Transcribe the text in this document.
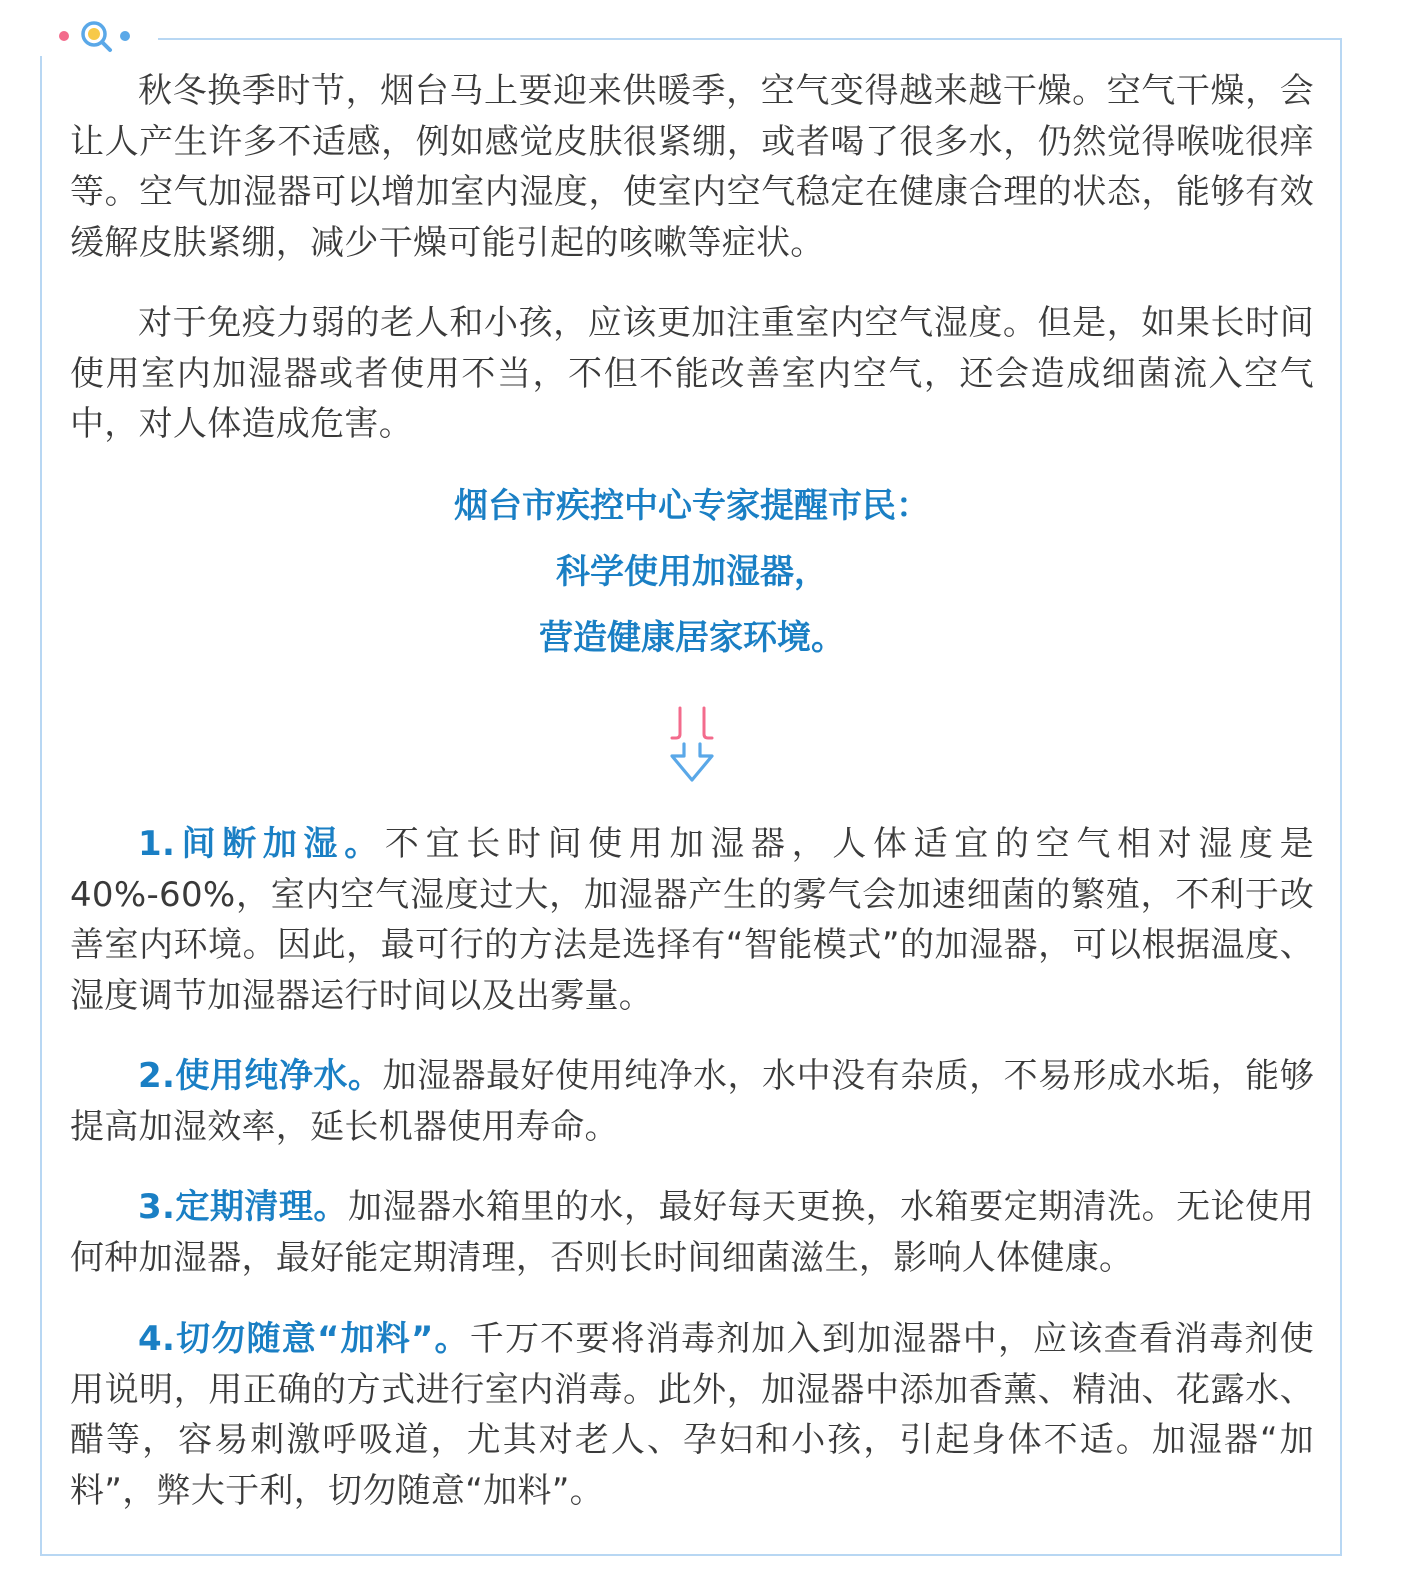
秋冬换季时节，烟台马上要迎来供暖季，空气变得越来越干燥。空气干燥，会让人产生许多不适感，例如感觉皮肤很紧绷，或者喝了很多水，仍然觉得喉咙很痒等。空气加湿器可以增加室内湿度，使室内空气稳定在健康合理的状态，能够有效缓解皮肤紧绷，减少干燥可能引起的咳嗽等症状。

对于免疫力弱的老人和小孩，应该更加注重室内空气湿度。但是，如果长时间使用室内加湿器或者使用不当，不但不能改善室内空气，还会造成细菌流入空气中，对人体造成危害。

烟台市疾控中心专家提醒市民：
科学使用加湿器，
营造健康居家环境。

1.间断加湿。不宜长时间使用加湿器，人体适宜的空气相对湿度是40%-60%，室内空气湿度过大，加湿器产生的雾气会加速细菌的繁殖，不利于改善室内环境。因此，最可行的方法是选择有“智能模式”的加湿器，可以根据温度、湿度调节加湿器运行时间以及出雾量。

2.使用纯净水。加湿器最好使用纯净水，水中没有杂质，不易形成水垢，能够提高加湿效率，延长机器使用寿命。

3.定期清理。加湿器水箱里的水，最好每天更换，水箱要定期清洗。无论使用何种加湿器，最好能定期清理，否则长时间细菌滋生，影响人体健康。

4.切勿随意“加料”。千万不要将消毒剂加入到加湿器中，应该查看消毒剂使用说明，用正确的方式进行室内消毒。此外，加湿器中添加香薰、精油、花露水、醋等，容易刺激呼吸道，尤其对老人、孕妇和小孩，引起身体不适。加湿器“加料”，弊大于利，切勿随意“加料”。
